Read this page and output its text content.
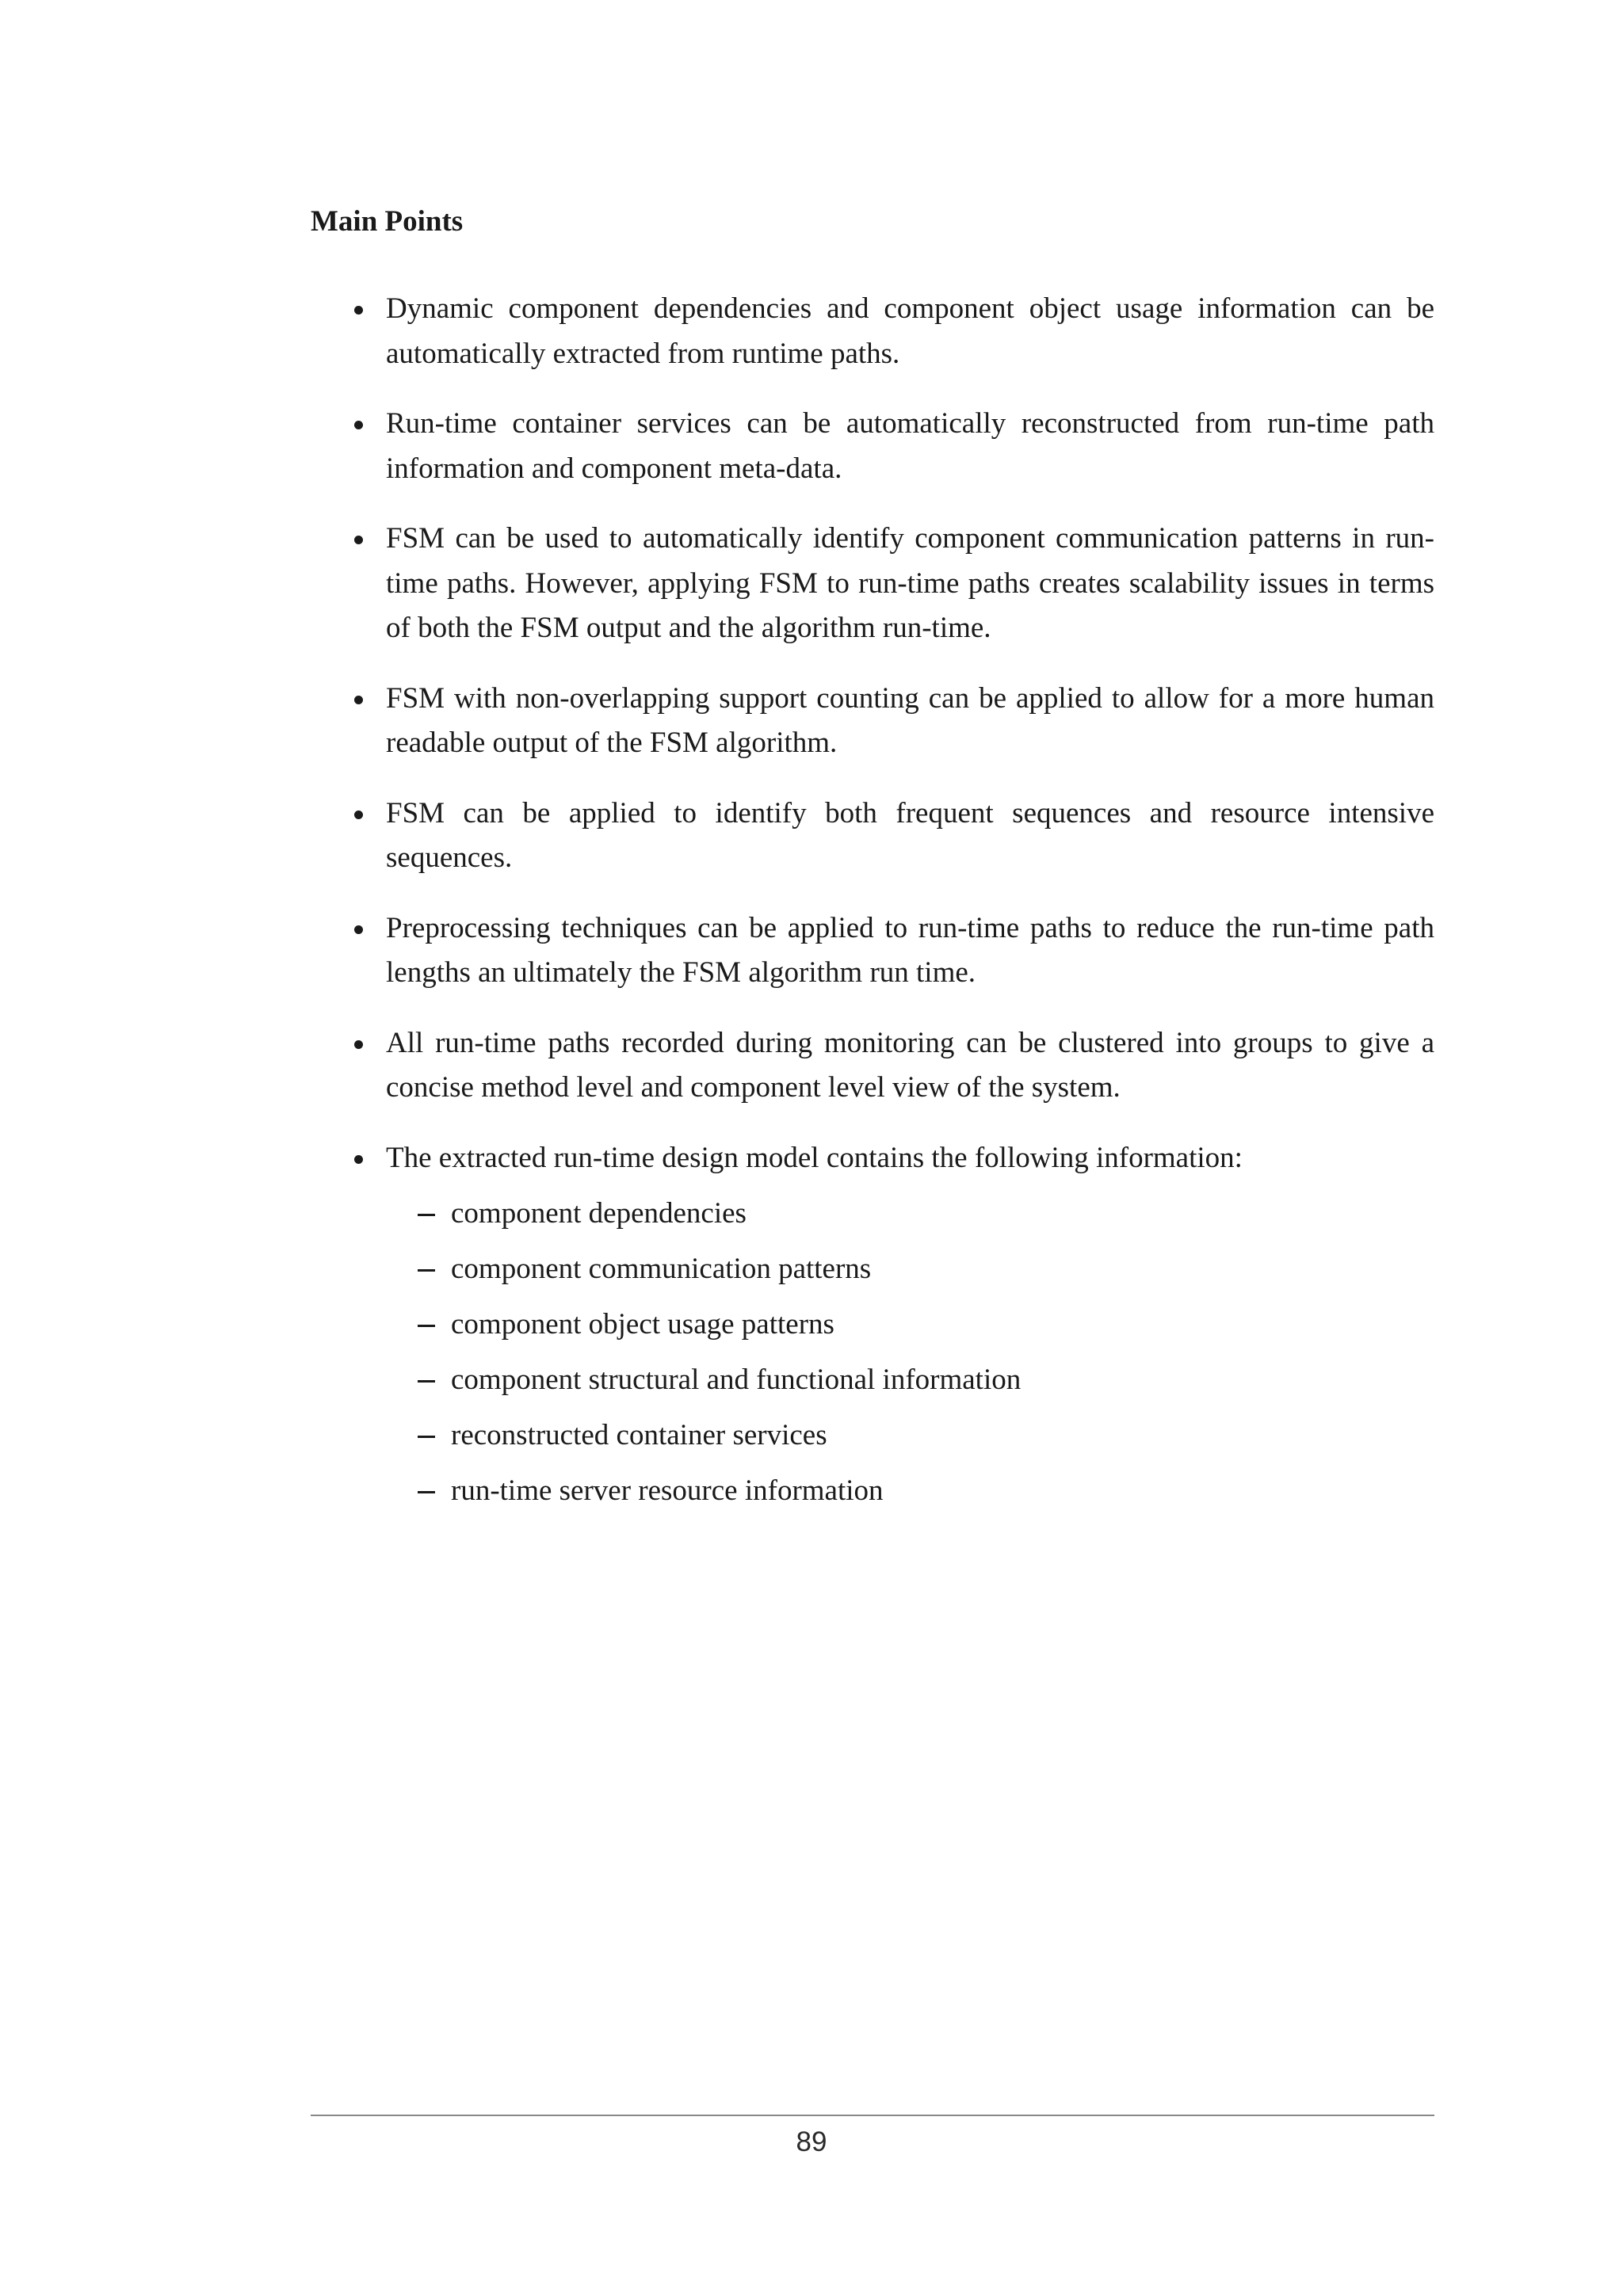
Main Points
Dynamic component dependencies and component object usage information can be automatically extracted from runtime paths.
Run-time container services can be automatically reconstructed from run-time path information and component meta-data.
FSM can be used to automatically identify component communication patterns in run-time paths. However, applying FSM to run-time paths creates scalability issues in terms of both the FSM output and the algorithm run-time.
FSM with non-overlapping support counting can be applied to allow for a more human readable output of the FSM algorithm.
FSM can be applied to identify both frequent sequences and resource intensive sequences.
Preprocessing techniques can be applied to run-time paths to reduce the run-time path lengths an ultimately the FSM algorithm run time.
All run-time paths recorded during monitoring can be clustered into groups to give a concise method level and component level view of the system.
The extracted run-time design model contains the following information:
component dependencies
component communication patterns
component object usage patterns
component structural and functional information
reconstructed container services
run-time server resource information
89
